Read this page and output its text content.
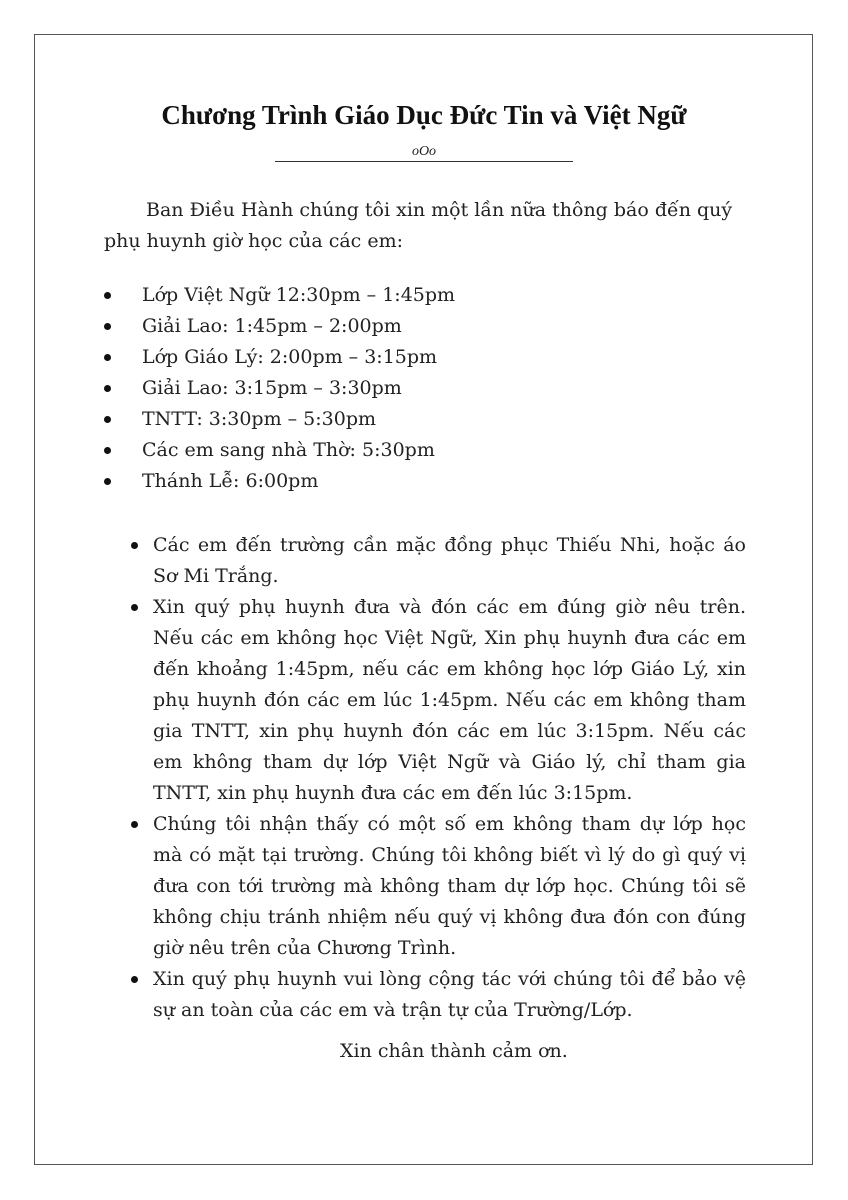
Chương Trình Giáo Dục Đức Tin và Việt Ngữ
oOo

Ban Điều Hành chúng tôi xin một lần nữa thông báo đến quý phụ huynh giờ học của các em:

Lớp Việt Ngữ 12:30pm – 1:45pm
Giải Lao: 1:45pm – 2:00pm
Lớp Giáo Lý: 2:00pm – 3:15pm
Giải Lao: 3:15pm – 3:30pm
TNTT: 3:30pm – 5:30pm
Các em sang nhà Thờ: 5:30pm
Thánh Lễ: 6:00pm
Các em đến trường cần mặc đồng phục Thiếu Nhi, hoặc áo Sơ Mi Trắng.
Xin quý phụ huynh đưa và đón các em đúng giờ nêu trên. Nếu các em không học Việt Ngữ, Xin phụ huynh đưa các em đến khoảng 1:45pm, nếu các em không học lớp Giáo Lý, xin phụ huynh đón các em lúc 1:45pm. Nếu các em không tham gia TNTT, xin phụ huynh đón các em lúc 3:15pm. Nếu các em không tham dự lớp Việt Ngữ và Giáo lý, chỉ tham gia TNTT, xin phụ huynh đưa các em đến lúc 3:15pm.
Chúng tôi nhận thấy có một số em không tham dự lớp học mà có mặt tại trường. Chúng tôi không biết vì lý do gì quý vị đưa con tới trường mà không tham dự lớp học. Chúng tôi sẽ không chịu tránh nhiệm nếu quý vị không đưa đón con đúng giờ nêu trên của Chương Trình.
Xin quý phụ huynh vui lòng cộng tác với chúng tôi để bảo vệ sự an toàn của các em và trận tự của Trường/Lớp.
Xin chân thành cảm ơn.
